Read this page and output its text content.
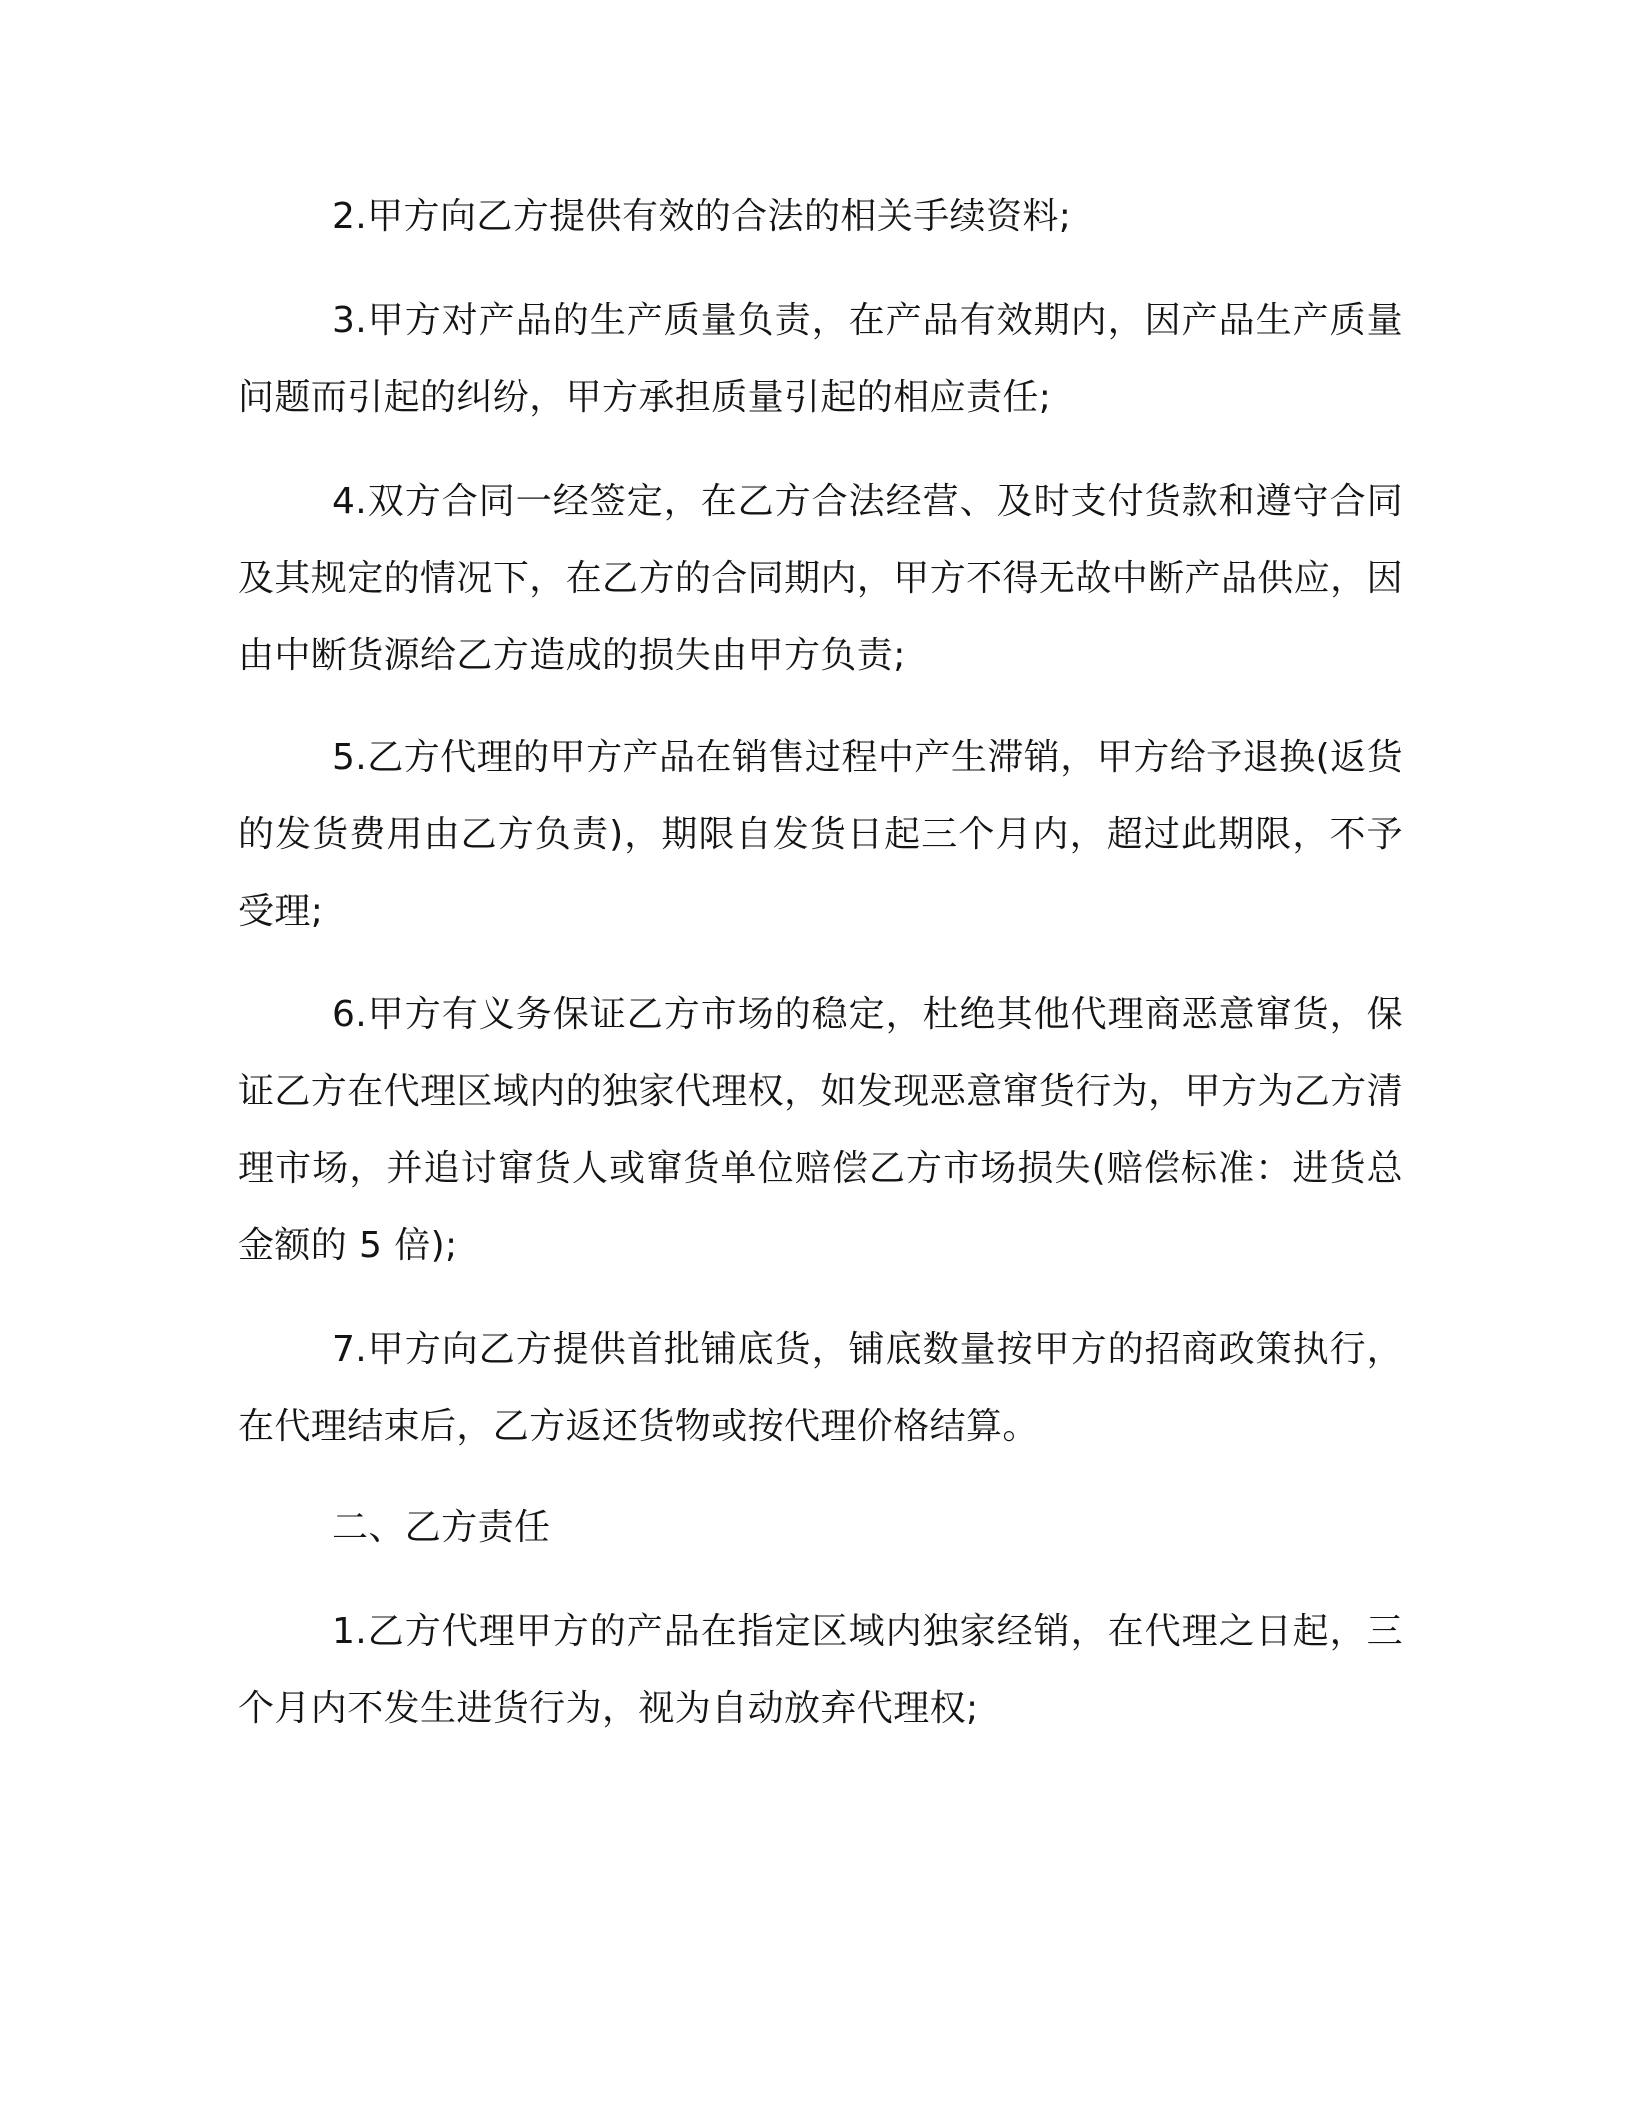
2.甲方向乙方提供有效的合法的相关手续资料;

3.甲方对产品的生产质量负责，在产品有效期内，因产品生产质量问题而引起的纠纷，甲方承担质量引起的相应责任;

4.双方合同一经签定，在乙方合法经营、及时支付货款和遵守合同及其规定的情况下，在乙方的合同期内，甲方不得无故中断产品供应，因由中断货源给乙方造成的损失由甲方负责;

5.乙方代理的甲方产品在销售过程中产生滞销，甲方给予退换(返货的发货费用由乙方负责)，期限自发货日起三个月内，超过此期限，不予受理;

6.甲方有义务保证乙方市场的稳定，杜绝其他代理商恶意窜货，保证乙方在代理区域内的独家代理权，如发现恶意窜货行为，甲方为乙方清理市场，并追讨窜货人或窜货单位赔偿乙方市场损失(赔偿标准：进货总金额的 5 倍);

7.甲方向乙方提供首批铺底货，铺底数量按甲方的招商政策执行，在代理结束后，乙方返还货物或按代理价格结算。

二、乙方责任

1.乙方代理甲方的产品在指定区域内独家经销，在代理之日起，三个月内不发生进货行为，视为自动放弃代理权;
